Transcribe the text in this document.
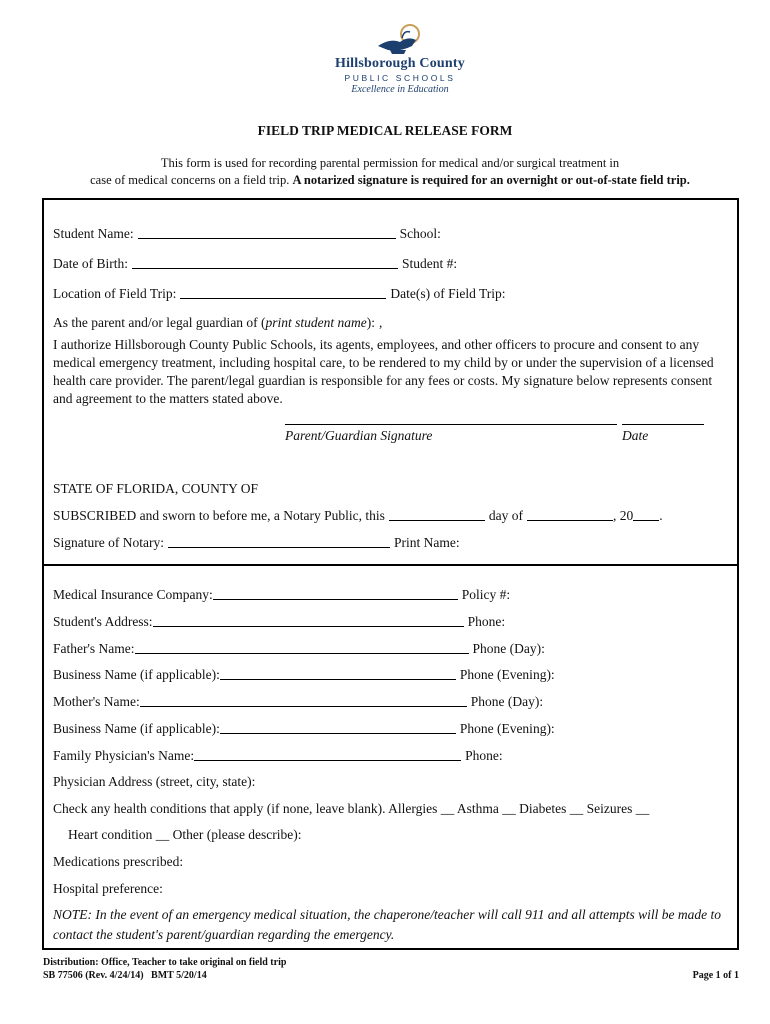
Hillsborough County
PUBLIC SCHOOLS
Excellence in Education
FIELD TRIP MEDICAL RELEASE FORM
This form is used for recording parental permission for medical and/or surgical treatment in
case of medical concerns on a field trip. A notarized signature is required for an overnight or out-of-state field trip.
Student Name:	School:
Date of Birth:	Student #:
Location of Field Trip:	Date(s) of Field Trip:
As the parent and/or legal guardian of ( print student name ): ,
I authorize Hillsborough County Public Schools, its agents, employees, and other officers to procure and consent to any medical emergency treatment, including hospital care, to be rendered to my child by or under the supervision of a licensed health care provider. The parent/legal guardian is responsible for any fees or costs. My signature below represents consent and agreement to the matters stated above.
Parent/Guardian Signature	Date
STATE OF FLORIDA, COUNTY OF
SUBSCRIBED and sworn to before me, a Notary Public, this	day of	, 20 .
Signature of Notary:	Print Name:
Medical Insurance Company:	Policy #:
Student's Address:	Phone:
Father's Name:	Phone (Day):
Business Name (if applicable):	Phone (Evening):
Mother's Name:	Phone (Day):
Business Name (if applicable):	Phone (Evening):
Family Physician's Name:	Phone:
Physician Address (street, city, state):
Check any health conditions that apply (if none, leave blank). Allergies __ Asthma __ Diabetes __ Seizures __
Heart condition __ Other (please describe):
Medications prescribed:
Hospital preference:
NOTE: In the event of an emergency medical situation, the chaperone/teacher will call 911 and all attempts will be made to contact the student's parent/guardian regarding the emergency.
Distribution: Office, Teacher to take original on field trip
SB 77506 (Rev. 4/24/14)   BMT 5/20/14	Page 1 of 1
